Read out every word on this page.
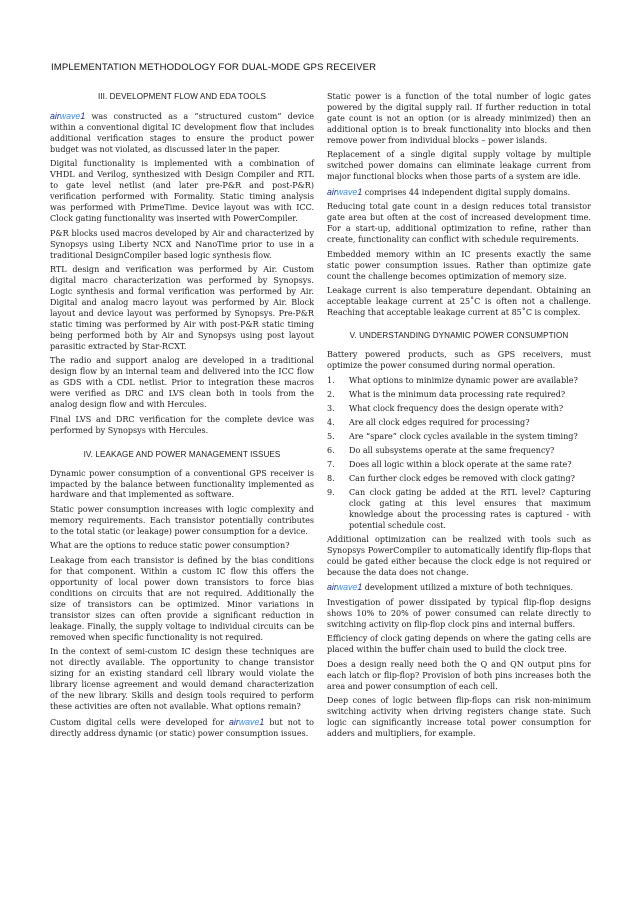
IMPLEMENTATION METHODOLOGY FOR DUAL-MODE GPS RECEIVER
III. DEVELOPMENT FLOW AND EDA TOOLS

airwave1 was constructed as a “structured custom” device within a conventional digital IC development flow that includes additional verification stages to ensure the product power budget was not violated, as discussed later in the paper.

Digital functionality is implemented with a combination of VHDL and Verilog, synthesized with Design Compiler and RTL to gate level netlist (and later pre-P&R and post-P&R) verification performed with Formality. Static timing analysis was performed with PrimeTime. Device layout was with ICC. Clock gating functionality was inserted with PowerCompiler.

P&R blocks used macros developed by Air and characterized by Synopsys using Liberty NCX and NanoTime prior to use in a traditional DesignCompiler based logic synthesis flow.

RTL design and verification was performed by Air. Custom digital macro characterization was performed by Synopsys. Logic synthesis and formal verification was performed by Air. Digital and analog macro layout was performed by Air. Block layout and device layout was performed by Synopsys. Pre-P&R static timing was performed by Air with post-P&R static timing being performed both by Air and Synopsys using post layout parasitic extracted by Star-RCXT.

The radio and support analog are developed in a traditional design flow by an internal team and delivered into the ICC flow as GDS with a CDL netlist. Prior to integration these macros were verified as DRC and LVS clean both in tools from the analog design flow and with Hercules.

Final LVS and DRC verification for the complete device was performed by Synopsys with Hercules.

IV. LEAKAGE AND POWER MANAGEMENT ISSUES

Dynamic power consumption of a conventional GPS receiver is impacted by the balance between functionality implemented as hardware and that implemented as software.

Static power consumption increases with logic complexity and memory requirements. Each transistor potentially contributes to the total static (or leakage) power consumption for a device.

What are the options to reduce static power consumption?

Leakage from each transistor is defined by the bias conditions for that component. Within a custom IC flow this offers the opportunity of local power down transistors to force bias conditions on circuits that are not required. Additionally the size of transistors can be optimized. Minor variations in transistor sizes can often provide a significant reduction in leakage. Finally, the supply voltage to individual circuits can be removed when specific functionality is not required.

In the context of semi-custom IC design these techniques are not directly available. The opportunity to change transistor sizing for an existing standard cell library would violate the library license agreement and would demand characterization of the new library. Skills and design tools required to perform these activities are often not available. What options remain?

Custom digital cells were developed for airwave1 but not to directly address dynamic (or static) power consumption issues.

Static power is a function of the total number of logic gates powered by the digital supply rail. If further reduction in total gate count is not an option (or is already minimized) then an additional option is to break functionality into blocks and then remove power from individual blocks – power islands.

Replacement of a single digital supply voltage by multiple switched power domains can eliminate leakage current from major functional blocks when those parts of a system are idle.

airwave1 comprises 44 independent digital supply domains.

Reducing total gate count in a design reduces total transistor gate area but often at the cost of increased development time. For a start-up, additional optimization to refine, rather than create, functionality can conflict with schedule requirements.

Embedded memory within an IC presents exactly the same static power consumption issues. Rather than optimize gate count the challenge becomes optimization of memory size.

Leakage current is also temperature dependant. Obtaining an acceptable leakage current at 25˚C is often not a challenge. Reaching that acceptable leakage current at 85˚C is complex.

V. UNDERSTANDING DYNAMIC POWER CONSUMPTION

Battery powered products, such as GPS receivers, must optimize the power consumed during normal operation.

1.	What options to minimize dynamic power are available?
2.	What is the minimum data processing rate required?
3.	What clock frequency does the design operate with?
4.	Are all clock edges required for processing?
5.	Are “spare” clock cycles available in the system timing?
6.	Do all subsystems operate at the same frequency?
7.	Does all logic within a block operate at the same rate?
8.	Can further clock edges be removed with clock gating?
9.	Can clock gating be added at the RTL level? Capturing clock gating at this level ensures that maximum knowledge about the processing rates is captured - with potential schedule cost.

Additional optimization can be realized with tools such as Synopsys PowerCompiler to automatically identify flip-flops that could be gated either because the clock edge is not required or because the data does not change.

airwave1 development utilized a mixture of both techniques.

Investigation of power dissipated by typical flip-flop designs shows 10% to 20% of power consumed can relate directly to switching activity on flip-flop clock pins and internal buffers.

Efficiency of clock gating depends on where the gating cells are placed within the buffer chain used to build the clock tree.

Does a design really need both the Q and QN output pins for each latch or flip-flop? Provision of both pins increases both the area and power consumption of each cell.

Deep cones of logic between flip-flops can risk non-minimum switching activity when driving registers change state. Such logic can significantly increase total power consumption for adders and multipliers, for example.
